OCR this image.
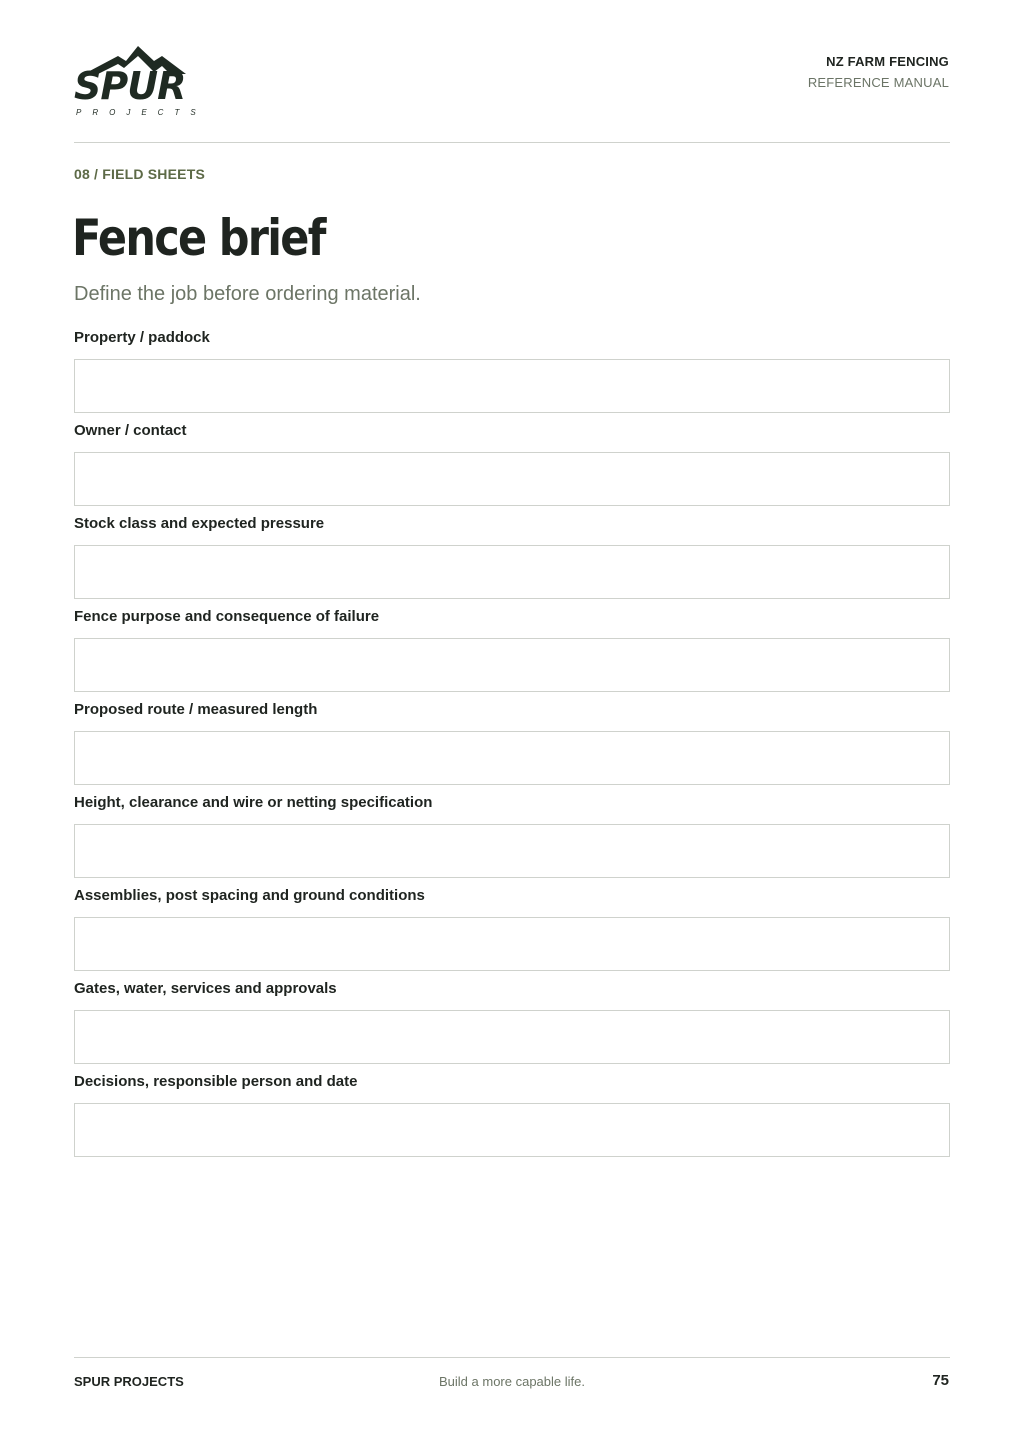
SPUR
PROJECTS
NZ FARM FENCING
REFERENCE MANUAL
08 / FIELD SHEETS
Fence brief
Define the job before ordering material.
Property / paddock
Owner / contact
Stock class and expected pressure
Fence purpose and consequence of failure
Proposed route / measured length
Height, clearance and wire or netting specification
Assemblies, post spacing and ground conditions
Gates, water, services and approvals
Decisions, responsible person and date
SPUR PROJECTS	Build a more capable life.	75
